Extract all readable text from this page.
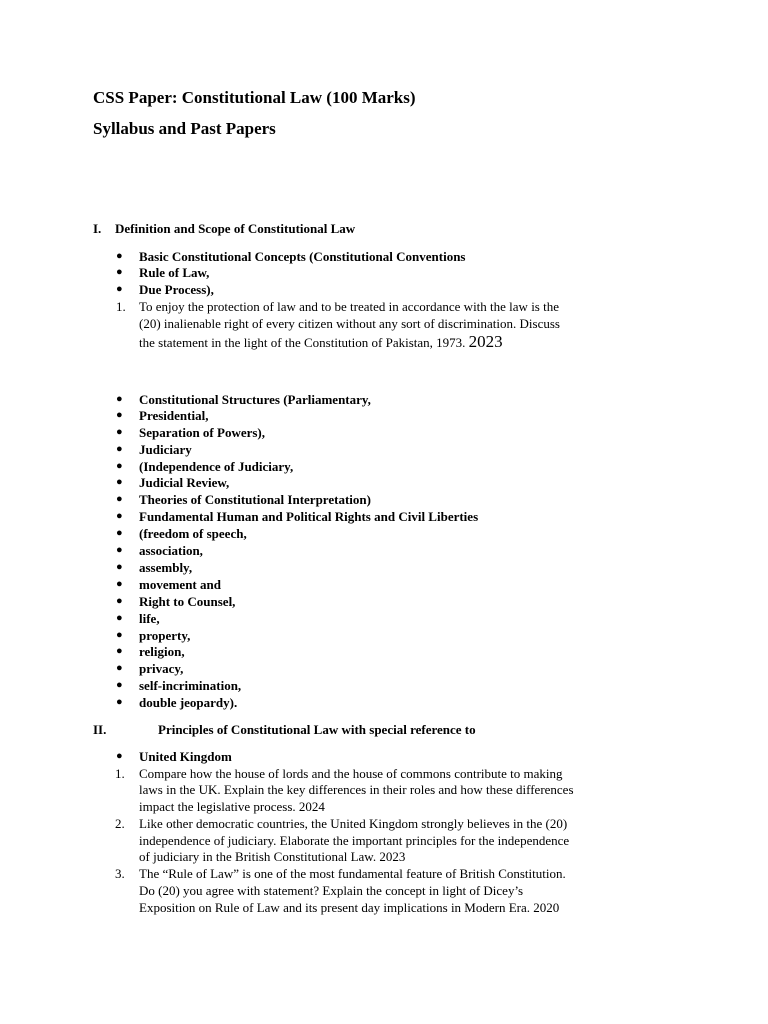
CSS Paper: Constitutional Law (100 Marks)
Syllabus and Past Papers
I. Definition and Scope of Constitutional Law
● Basic Constitutional Concepts (Constitutional Conventions
● Rule of Law,
● Due Process),
1. To enjoy the protection of law and to be treated in accordance with the law is the
(20) inalienable right of every citizen without any sort of discrimination. Discuss
the statement in the light of the Constitution of Pakistan, 1973. 2023
● Constitutional Structures (Parliamentary,
● Presidential,
● Separation of Powers),
● Judiciary
● (Independence of Judiciary,
● Judicial Review,
● Theories of Constitutional Interpretation)
● Fundamental Human and Political Rights and Civil Liberties
● (freedom of speech,
● association,
● assembly,
● movement and
● Right to Counsel,
● life,
● property,
● religion,
● privacy,
● self-incrimination,
● double jeopardy).
II.	Principles of Constitutional Law with special reference to
● United Kingdom
1. Compare how the house of lords and the house of commons contribute to making
laws in the UK. Explain the key differences in their roles and how these differences
impact the legislative process. 2024
2. Like other democratic countries, the United Kingdom strongly believes in the (20)
independence of judiciary. Elaborate the important principles for the independence
of judiciary in the British Constitutional Law. 2023
3. The “Rule of Law” is one of the most fundamental feature of British Constitution.
Do (20) you agree with statement? Explain the concept in light of Dicey’s
Exposition on Rule of Law and its present day implications in Modern Era. 2020
